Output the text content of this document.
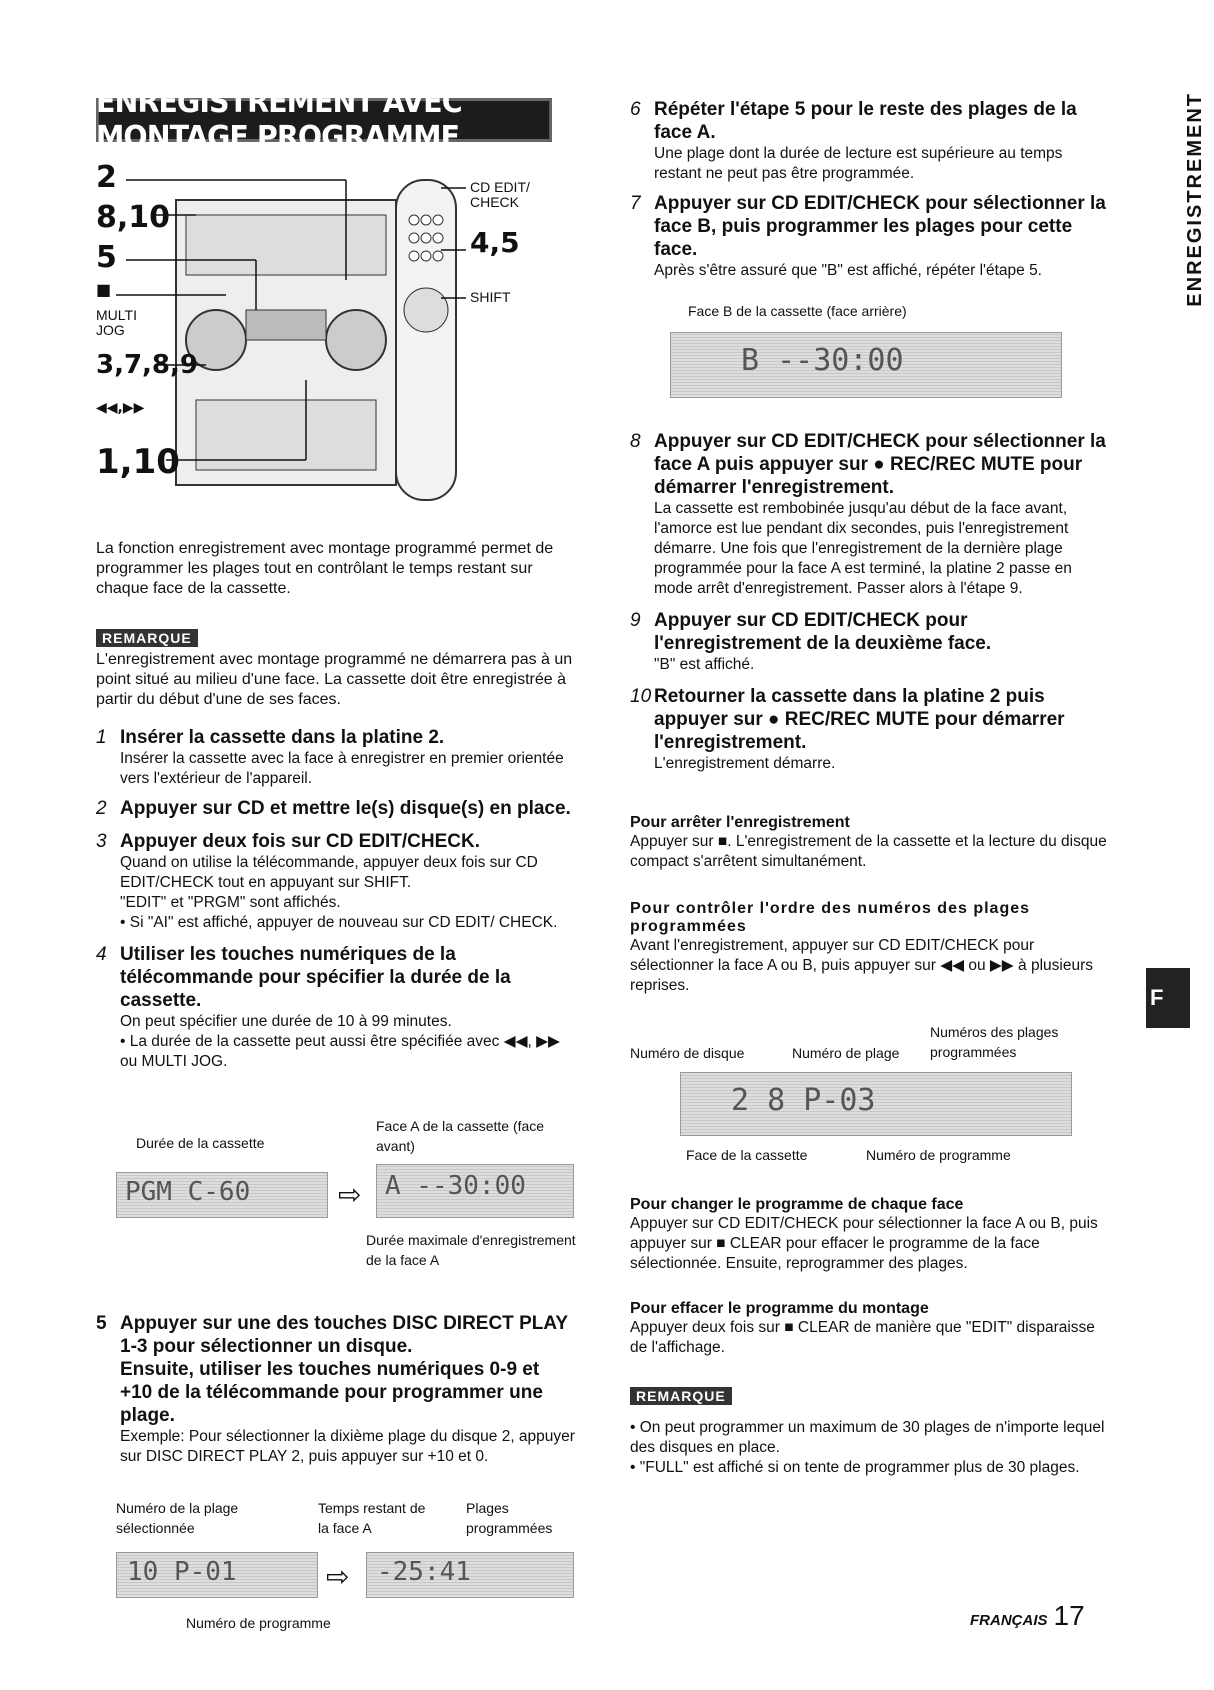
ENREGISTREMENT AVEC MONTAGE PROGRAMME	ENREGISTREMENT
F
2
8,10
5
■
MULTI JOG
3,7,8,9
◀◀,▶▶
1,10
CD EDIT/ CHECK
4,5
SHIFT
La fonction enregistrement avec montage programmé permet de programmer les plages tout en contrôlant le temps restant sur chaque face de la cassette.
REMARQUE
L'enregistrement avec montage programmé ne démarrera pas à un point situé au milieu d'une face. La cassette doit être enregistrée à partir du début d'une de ses faces.
1 Insérer la cassette dans la platine 2.
Insérer la cassette avec la face à enregistrer en premier orientée vers l'extérieur de l'appareil.
2 Appuyer sur CD et mettre le(s) disque(s) en place.
3 Appuyer deux fois sur CD EDIT/CHECK.
Quand on utilise la télécommande, appuyer deux fois sur CD EDIT/CHECK tout en appuyant sur SHIFT.
"EDIT" et "PRGM" sont affichés.
• Si "AI" est affiché, appuyer de nouveau sur CD EDIT/ CHECK.
4 Utiliser les touches numériques de la télécommande pour spécifier la durée de la cassette.
On peut spécifier une durée de 10 à 99 minutes.
• La durée de la cassette peut aussi être spécifiée avec ◀◀, ▶▶ ou MULTI JOG.
Durée de la cassette
Face A de la cassette (face avant)
PGM C-60	⇨ A --30:00
Durée maximale d'enregistrement de la face A
5 Appuyer sur une des touches DISC DIRECT PLAY 1-3 pour sélectionner un disque.
Ensuite, utiliser les touches numériques 0-9 et +10 de la télécommande pour programmer une plage.
Exemple: Pour sélectionner la dixième plage du disque 2, appuyer sur DISC DIRECT PLAY 2, puis appuyer sur +10 et 0.
Numéro de la plage sélectionnée
Temps restant de la face A
Plages programmées
10 P-01	⇨	-25:41
Numéro de programme
6 Répéter l'étape 5 pour le reste des plages de la face A.
Une plage dont la durée de lecture est supérieure au temps restant ne peut pas être programmée.
7 Appuyer sur CD EDIT/CHECK pour sélectionner la face B, puis programmer les plages pour cette face.
Après s'être assuré que "B" est affiché, répéter l'étape 5.
Face B de la cassette (face arrière)
B --30:00
8 Appuyer sur CD EDIT/CHECK pour sélectionner la face A puis appuyer sur ● REC/REC MUTE pour démarrer l'enregistrement.
La cassette est rembobinée jusqu'au début de la face avant, l'amorce est lue pendant dix secondes, puis l'enregistrement démarre. Une fois que l'enregistrement de la dernière plage programmée pour la face A est terminé, la platine 2 passe en mode arrêt d'enregistrement. Passer alors à l'étape 9.
9 Appuyer sur CD EDIT/CHECK pour l'enregistrement de la deuxième face.
"B" est affiché.
10 Retourner la cassette dans la platine 2 puis appuyer sur ● REC/REC MUTE pour démarrer l'enregistrement.
L'enregistrement démarre.
Pour arrêter l'enregistrement
Appuyer sur ■. L'enregistrement de la cassette et la lecture du disque compact s'arrêtent simultanément.
Pour contrôler l'ordre des numéros des plages programmées
Avant l'enregistrement, appuyer sur CD EDIT/CHECK pour sélectionner la face A ou B, puis appuyer sur ◀◀ ou ▶▶ à plusieurs reprises.
Numéros des plages programmées
Numéro de disque	Numéro de plage
2 8 P-03
Face de la cassette	Numéro de programme
Pour changer le programme de chaque face
Appuyer sur CD EDIT/CHECK pour sélectionner la face A ou B, puis appuyer sur ■ CLEAR pour effacer le programme de la face sélectionnée. Ensuite, reprogrammer des plages.
Pour effacer le programme du montage
Appuyer deux fois sur ■ CLEAR de manière que "EDIT" disparaisse de l'affichage.
REMARQUE
• On peut programmer un maximum de 30 plages de n'importe lequel des disques en place.
• "FULL" est affiché si on tente de programmer plus de 30 plages.
FRANÇAIS 17
